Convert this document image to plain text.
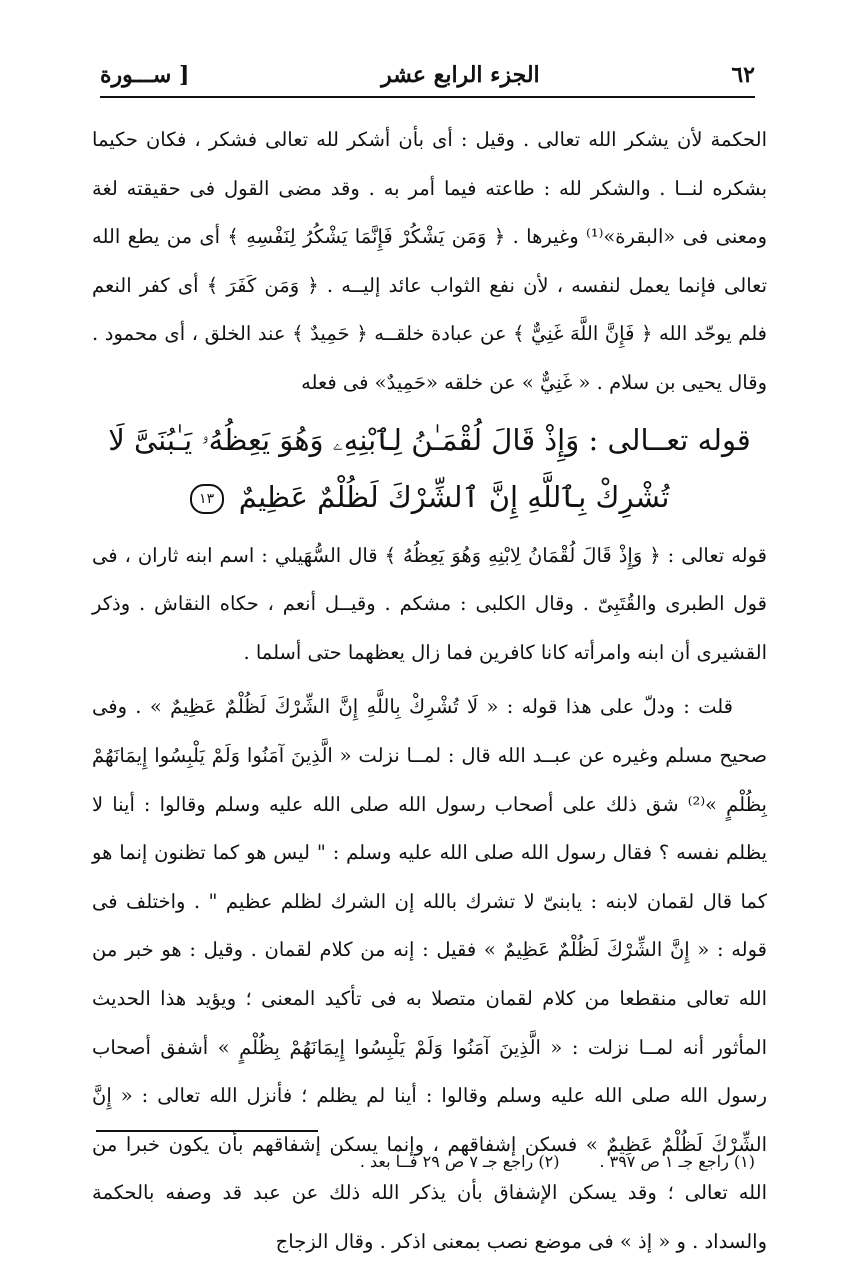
٦٢
الجزء الرابع عشر
[ ســـورة

الحكمة لأن يشكر الله تعالى . وقيل : أى بأن أشكر لله تعالى فشكر ، فكان حكيما بشكره لنــا . والشكر لله : طاعته فيما أمر به . وقد مضى القول فى حقيقته لغة ومعنى فى «البقرة»⁽¹⁾ وغيرها . ﴿ وَمَن يَشْكُرْ فَإِنَّمَا يَشْكُرُ لِنَفْسِهِ ﴾ أى من يطع الله تعالى فإنما يعمل لنفسه ، لأن نفع الثواب عائد إليــه . ﴿ وَمَن كَفَرَ ﴾ أى كفر النعم فلم يوحّد الله ﴿ فَإِنَّ اللَّهَ غَنِيٌّ ﴾ عن عبادة خلقــه ﴿ حَمِيدٌ ﴾ عند الخلق ، أى محمود . وقال يحيى بن سلام . « غَنِيٌّ » عن خلقه «حَمِيدٌ» فى فعله

قوله تعــالى : وَإِذْ قَالَ لُقْمَـٰنُ لِٱبْنِهِۦ وَهُوَ يَعِظُهُۥ يَـٰبُنَىَّ لَا تُشْرِكْ بِٱللَّهِ إِنَّ ٱلشِّرْكَ لَظُلْمٌ عَظِيمٌ ١٣

قوله تعالى : ﴿ وَإِذْ قَالَ لُقْمَانُ لِابْنِهِ وَهُوَ يَعِظُهُ ﴾ قال السُّهَيلي : اسم ابنه ثاران ، فى قول الطبرى والقُتَبِىّ . وقال الكلبى : مشكم . وقيــل أنعم ، حكاه النقاش . وذكر القشيرى أن ابنه وامرأته كانا كافرين فما زال يعظهما حتى أسلما .

قلت : ودلّ على هذا قوله : « لَا تُشْرِكْ بِاللَّهِ إِنَّ الشِّرْكَ لَظُلْمٌ عَظِيمٌ » . وفى صحيح مسلم وغيره عن عبــد الله قال : لمــا نزلت « الَّذِينَ آمَنُوا وَلَمْ يَلْبِسُوا إِيمَانَهُمْ بِظُلْمٍ »⁽²⁾ شق ذلك على أصحاب رسول الله صلى الله عليه وسلم وقالوا : أينا لا يظلم نفسه ؟ فقال رسول الله صلى الله عليه وسلم : " ليس هو كما تظنون إنما هو كما قال لقمان لابنه : يابنىّ لا تشرك بالله إن الشرك لظلم عظيم " . واختلف فى قوله : « إِنَّ الشِّرْكَ لَظُلْمٌ عَظِيمٌ » فقيل : إنه من كلام لقمان . وقيل : هو خبر من الله تعالى منقطعا من كلام لقمان متصلا به فى تأكيد المعنى ؛ ويؤيد هذا الحديث المأثور أنه لمــا نزلت : « الَّذِينَ آمَنُوا وَلَمْ يَلْبِسُوا إِيمَانَهُمْ بِظُلْمٍ » أشفق أصحاب رسول الله صلى الله عليه وسلم وقالوا : أينا لم يظلم ؛ فأنزل الله تعالى : « إِنَّ الشِّرْكَ لَظُلْمٌ عَظِيمٌ » فسكن إشفاقهم ، وإنما يسكن إشفاقهم بأن يكون خبرا من الله تعالى ؛ وقد يسكن الإشفاق بأن يذكر الله ذلك عن عبد قد وصفه بالحكمة والسداد . و « إذ » فى موضع نصب بمعنى اذكر . وقال الزجاج

(١) راجع جـ ١ ص ٣٩٧ .
(٢) راجع جـ ٧ ص ٢٩ فــا بعد .
